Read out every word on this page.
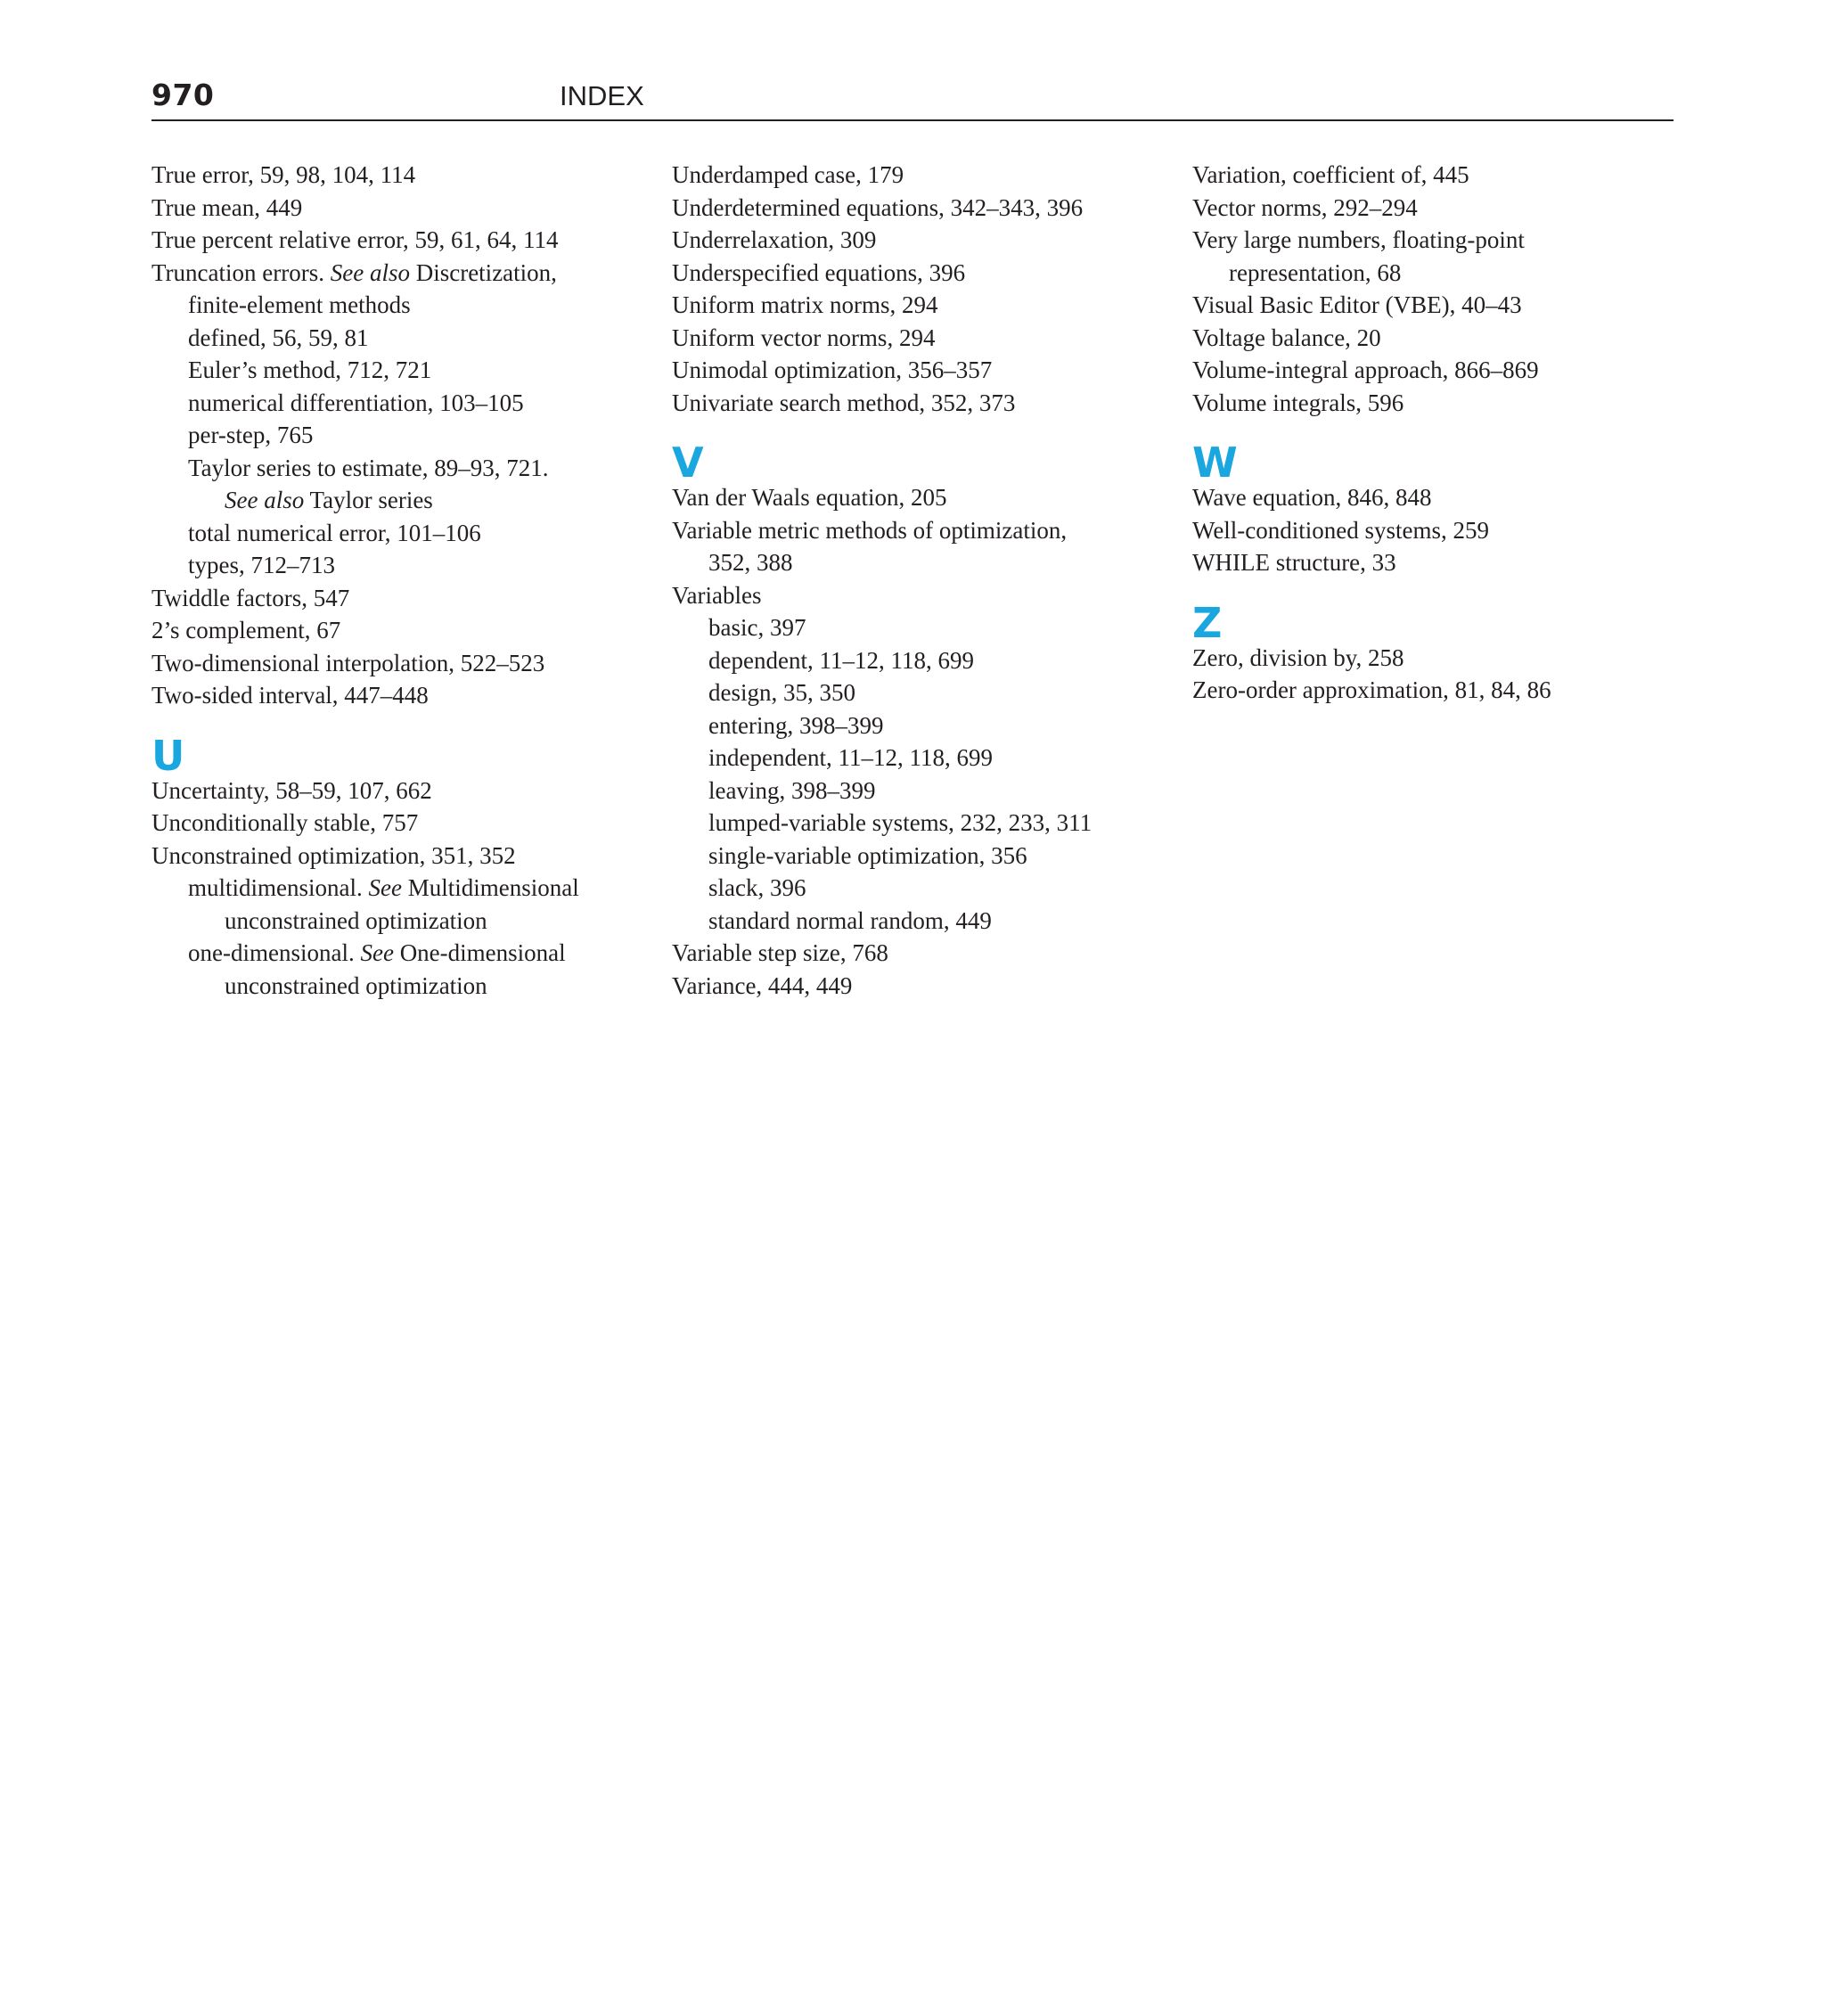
970	INDEX
True error, 59, 98, 104, 114
True mean, 449
True percent relative error, 59, 61, 64, 114
Truncation errors. See also Discretization,
finite-element methods
defined, 56, 59, 81
Euler’s method, 712, 721
numerical differentiation, 103–105
per-step, 765
Taylor series to estimate, 89–93, 721.
See also Taylor series
total numerical error, 101–106
types, 712–713
Twiddle factors, 547
2’s complement, 67
Two-dimensional interpolation, 522–523
Two-sided interval, 447–448
U
Uncertainty, 58–59, 107, 662
Unconditionally stable, 757
Unconstrained optimization, 351, 352
multidimensional. See Multidimensional
unconstrained optimization
one-dimensional. See One-dimensional
unconstrained optimization
Underdamped case, 179
Underdetermined equations, 342–343, 396
Underrelaxation, 309
Underspecified equations, 396
Uniform matrix norms, 294
Uniform vector norms, 294
Unimodal optimization, 356–357
Univariate search method, 352, 373
V
Van der Waals equation, 205
Variable metric methods of optimization,
352, 388
Variables
basic, 397
dependent, 11–12, 118, 699
design, 35, 350
entering, 398–399
independent, 11–12, 118, 699
leaving, 398–399
lumped-variable systems, 232, 233, 311
single-variable optimization, 356
slack, 396
standard normal random, 449
Variable step size, 768
Variance, 444, 449
Variation, coefficient of, 445
Vector norms, 292–294
Very large numbers, floating-point
representation, 68
Visual Basic Editor (VBE), 40–43
Voltage balance, 20
Volume-integral approach, 866–869
Volume integrals, 596
W
Wave equation, 846, 848
Well-conditioned systems, 259
WHILE structure, 33
Z
Zero, division by, 258
Zero-order approximation, 81, 84, 86
